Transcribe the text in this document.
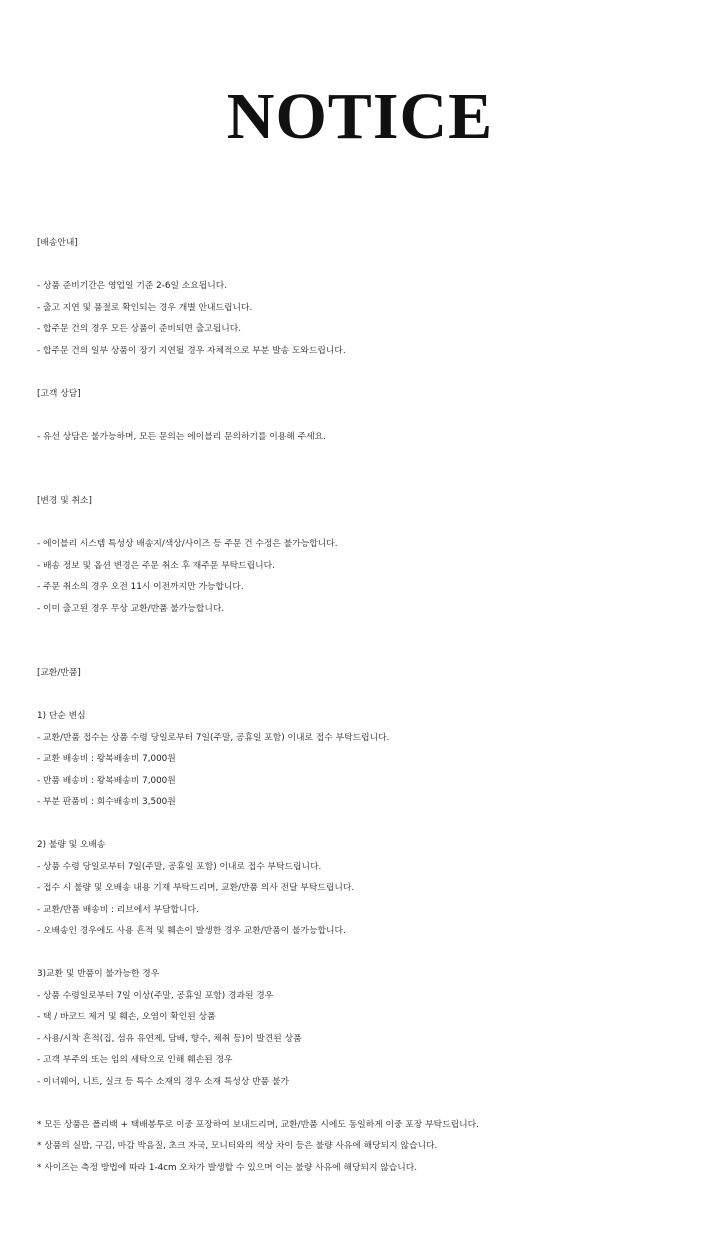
NOTICE
[배송안내]
- 상품 준비기간은 영업일 기준 2-6일 소요됩니다.
- 출고 지연 및 품절로 확인되는 경우 개별 안내드립니다.
- 합주문 건의 경우 모든 상품이 준비되면 출고됩니다.
- 합주문 건의 일부 상품이 장기 지연될 경우 자체적으로 부분 발송 도와드립니다.
[고객 상담]
- 유선 상담은 불가능하며, 모든 문의는 에이블리 문의하기를 이용해 주세요.
[변경 및 취소]
- 에이블리 시스템 특성상 배송지/색상/사이즈 등 주문 건 수정은 불가능합니다.
- 배송 정보 및 옵션 변경은 주문 취소 후 재주문 부탁드립니다.
- 주문 취소의 경우 오전 11시 이전까지만 가능합니다.
- 이미 출고된 경우 무상 교환/반품 불가능합니다.
[교환/반품]
1) 단순 변심
- 교환/반품 접수는 상품 수령 당일로부터 7일(주말, 공휴일 포함) 이내로 접수 부탁드립니다.
- 교환 배송비 : 왕복배송비 7,000원
- 반품 배송비 : 왕복배송비 7,000원
- 부분 판품비 : 회수배송비 3,500원
2) 불량 및 오배송
- 상품 수령 당일로부터 7일(주말, 공휴일 포함) 이내로 접수 부탁드립니다.
- 접수 시 불량 및 오배송 내용 기재 부탁드리며, 교환/반품 의사 전달 부탁드립니다.
- 교환/반품 배송비 : 리브에서 부담합니다.
- 오배송인 경우에도 사용 흔적 및 훼손이 발생한 경우 교환/반품이 불가능합니다.
3)교환 및 반품이 불가능한 경우
- 상품 수령일로부터 7일 이상(주말, 공휴일 포함) 경과된 경우
- 택 / 바코드 제거 및 훼손, 오염이 확인된 상품
- 사용/시착 흔적(집, 섬유 유연제, 담배, 향수, 체취 등)이 발견된 상품
- 고객 부주의 또는 임의 세탁으로 인해 훼손된 경우
- 이너웨어, 니트, 실크 등 특수 소재의 경우 소재 특성상 반품 불가
* 모든 상품은 폴리백 + 택배봉투로 이중 포장하여 보내드리며, 교환/반품 시에도 동일하게 이중 포장 부탁드립니다.
* 상품의 실밥, 구김, 마감 박음질, 초크 자국, 모니터와의 색상 차이 등은 불량 사유에 해당되지 않습니다.
* 사이즈는 측정 방법에 따라 1-4cm 오차가 발생할 수 있으며 이는 불량 사유에 해당되지 않습니다.
